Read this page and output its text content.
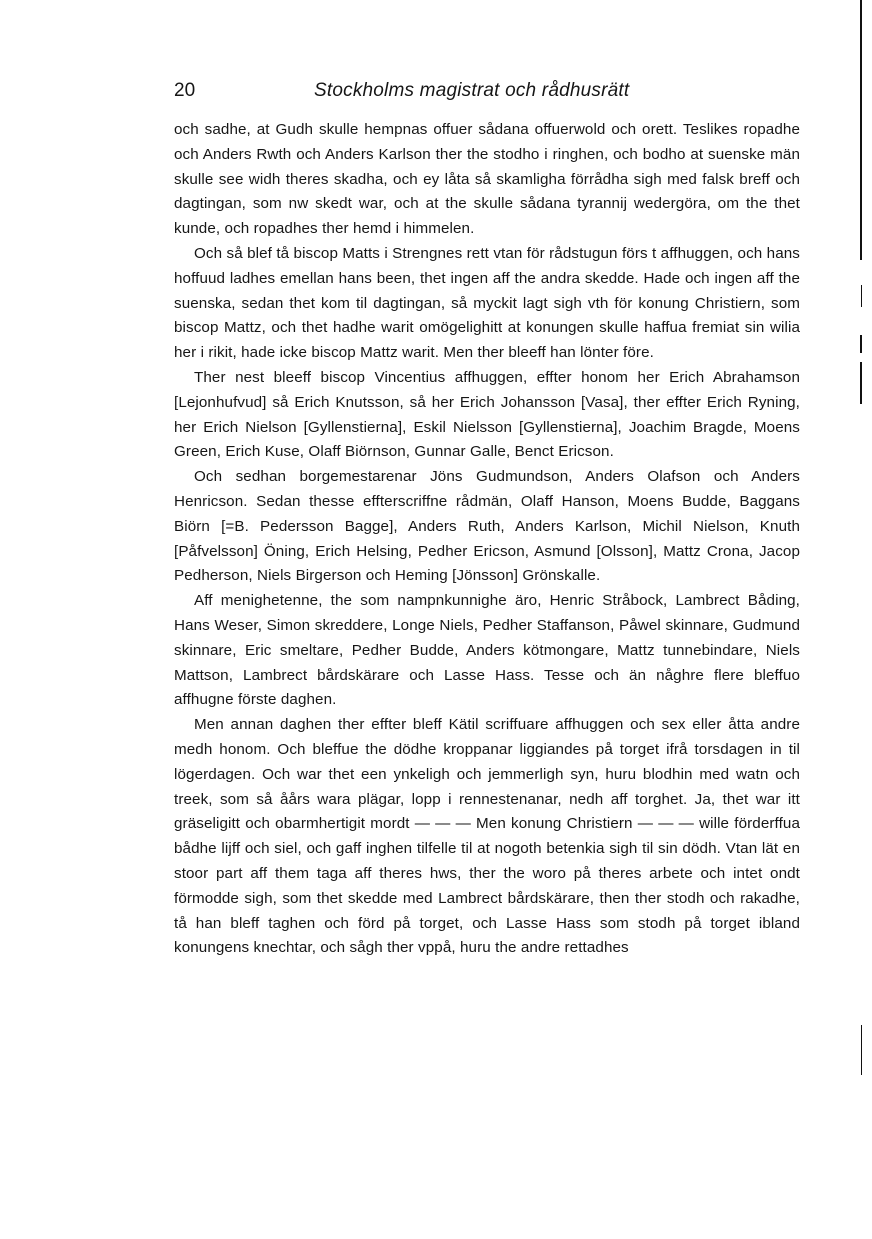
20	Stockholms magistrat och rådhusrätt

och sadhe, at Gudh skulle hempnas offuer sådana offuerwold och orett. Teslikes ropadhe och Anders Rwth och Anders Karlson ther the stodho i ringhen, och bodho at suenske män skulle see widh theres skadha, och ey låta så skamligha förrådha sigh med falsk breff och dagtingan, som nw skedt war, och at the skulle sådana tyrannij wedergöra, om the thet kunde, och ropadhes ther hemd i himmelen.

Och så blef tå biscop Matts i Strengnes rett vtan för rådstugun förs t affhuggen, och hans hoffuud ladhes emellan hans been, thet ingen aff the andra skedde. Hade och ingen aff the suenska, sedan thet kom til dagtingan, så myckit lagt sigh vth för konung Christiern, som biscop Mattz, och thet hadhe warit omögelighitt at konungen skulle haffua fremiat sin wilia her i rikit, hade icke biscop Mattz warit. Men ther bleeff han lönter före.

Ther nest bleeff biscop Vincentius affhuggen, effter honom her Erich Abrahamson [Lejonhufvud] så Erich Knutsson, så her Erich Johansson [Vasa], ther effter Erich Ryning, her Erich Nielson [Gyllenstierna], Eskil Nielsson [Gyllenstierna], Joachim Bragde, Moens Green, Erich Kuse, Olaff Biörnson, Gunnar Galle, Benct Ericson.

Och sedhan borgemestarenar Jöns Gudmundson, Anders Olafson och Anders Henricson. Sedan thesse effterscriffne rådmän, Olaff Hanson, Moens Budde, Baggans Biörn [=B. Pedersson Bagge], Anders Ruth, Anders Karlson, Michil Nielson, Knuth [Påfvelsson] Öning, Erich Helsing, Pedher Ericson, Asmund [Olsson], Mattz Crona, Jacop Pedherson, Niels Birgerson och Heming [Jönsson] Grönskalle.

Aff menighetenne, the som nampnkunnighe äro, Henric Stråbock, Lambrect Båding, Hans Weser, Simon skreddere, Longe Niels, Pedher Staffanson, Påwel skinnare, Gudmund skinnare, Eric smeltare, Pedher Budde, Anders kötmongare, Mattz tunnebindare, Niels Mattson, Lambrect bårdskärare och Lasse Hass. Tesse och än någhre flere bleffuo affhugne förste daghen.

Men annan daghen ther effter bleff Kätil scriffuare affhuggen och sex eller åtta andre medh honom. Och bleffue the dödhe kroppanar liggiandes på torget ifrå torsdagen in til lögerdagen. Och war thet een ynkeligh och jemmerligh syn, huru blodhin med watn och treek, som så åårs wara plägar, lopp i rennestenanar, nedh aff torghet. Ja, thet war itt gräseligitt och obarmhertigit mordt — — — Men konung Christiern — — — wille förderffua bådhe lijff och siel, och gaff inghen tilfelle til at nogoth betenkia sigh til sin dödh. Vtan lät en stoor part aff them taga aff theres hws, ther the woro på theres arbete och intet ondt förmodde sigh, som thet skedde med Lambrect bårdskärare, then ther stodh och rakadhe, tå han bleff taghen och förd på torget, och Lasse Hass som stodh på torget ibland konungens knechtar, och sågh ther vppå, huru the andre rettadhes
